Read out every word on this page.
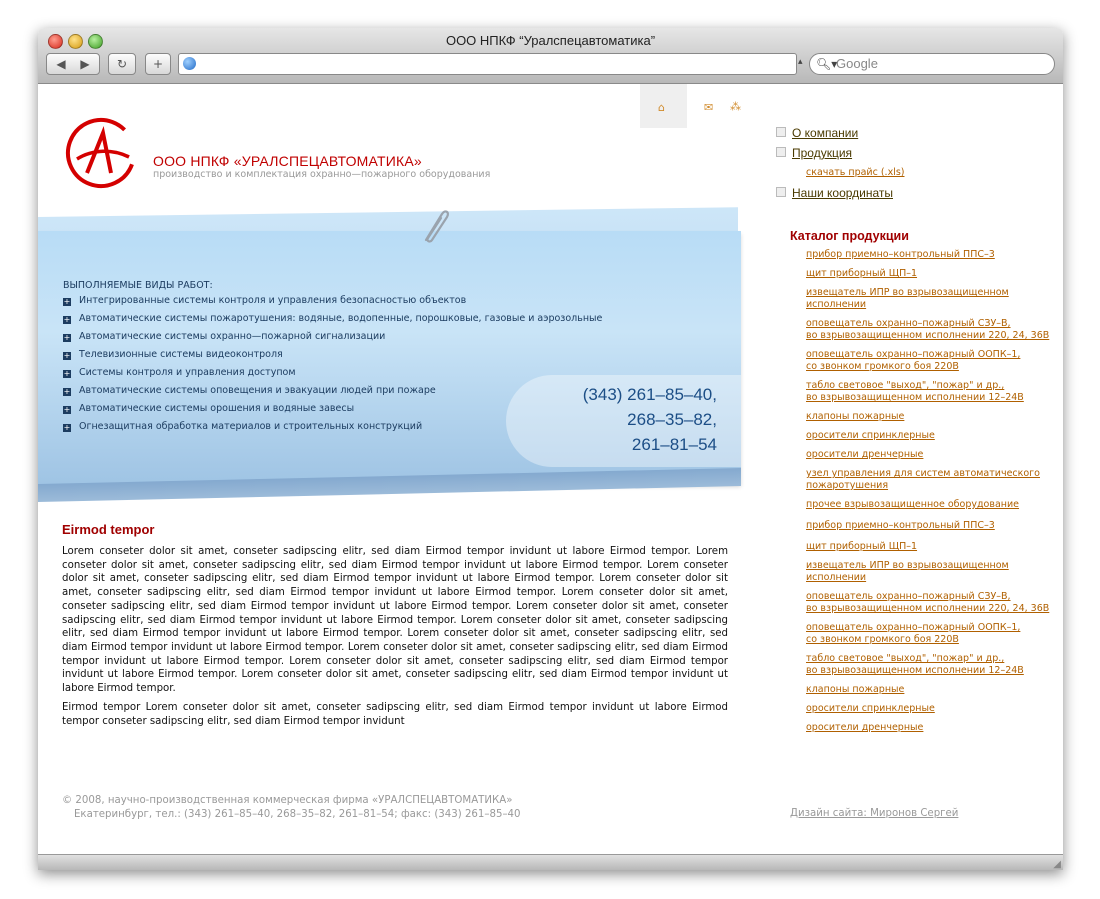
ООО НПКФ “Уралспецавтоматика”
◀ ▶	↻	+	▴ 🔍︎▾
Google
⌂	✉ ⁂
ООО НПКФ «УРАЛСПЕЦАВТОМАТИКА»
производство и комплектация охранно—пожарного оборудования
ВЫПОЛНЯЕМЫЕ ВИДЫ РАБОТ:
+ Интегрированные системы контроля и управления безопасностью объектов
+ Автоматические системы пожаротушения: водяные, водопенные, порошковые, газовые и аэрозольные
+ Автоматические системы охранно—пожарной сигнализации
+ Телевизионные системы видеоконтроля
+ Системы контроля и управления доступом
+ Автоматические системы оповещения и эвакуации людей при пожаре
+ Автоматические системы орошения и водяные завесы
+ Огнезащитная обработка материалов и строительных конструкций
(343) 261–85–40,
268–35–82,
261–81–54
Eirmod tempor

Lorem conseter dolor sit amet, conseter sadipscing elitr, sed diam Eirmod tempor invidunt ut labore Eirmod tempor. Lorem conseter dolor sit amet, conseter sadipscing elitr, sed diam Eirmod tempor invidunt ut labore Eirmod tempor. Lorem conseter dolor sit amet, conseter sadipscing elitr, sed diam Eirmod tempor invidunt ut labore Eirmod tempor. Lorem conseter dolor sit amet, conseter sadipscing elitr, sed diam Eirmod tempor invidunt ut labore Eirmod tempor. Lorem conseter dolor sit amet, conseter sadipscing elitr, sed diam Eirmod tempor invidunt ut labore Eirmod tempor. Lorem conseter dolor sit amet, conseter sadipscing elitr, sed diam Eirmod tempor invidunt ut labore Eirmod tempor. Lorem conseter dolor sit amet, conseter sadipscing elitr, sed diam Eirmod tempor invidunt ut labore Eirmod tempor. Lorem conseter dolor sit amet, conseter sadipscing elitr, sed diam Eirmod tempor invidunt ut labore Eirmod tempor. Lorem conseter dolor sit amet, conseter sadipscing elitr, sed diam Eirmod tempor invidunt ut labore Eirmod tempor. Lorem conseter dolor sit amet, conseter sadipscing elitr, sed diam Eirmod tempor invidunt ut labore Eirmod tempor. Lorem conseter dolor sit amet, conseter sadipscing elitr, sed diam Eirmod tempor invidunt ut labore Eirmod tempor.

Eirmod tempor Lorem conseter dolor sit amet, conseter sadipscing elitr, sed diam Eirmod tempor invidunt ut labore Eirmod tempor conseter sadipscing elitr, sed diam Eirmod tempor invidunt

© 2008, научно-производственная коммерческая фирма «УРАЛСПЕЦАВТОМАТИКА»
Екатеринбург, тел.: (343) 261–85–40, 268–35–82, 261–81–54; факс: (343) 261–85–40	Дизайн сайта: Миронов Сергей
О компании
Продукция
скачать прайс (.xls)
Наши координаты
Каталог продукции
прибор приемно–контрольный ППС–3
щит приборный ЩП–1
извещатель ИПР во взрывозащищенном
исполнении
оповещатель охранно–пожарный СЗУ–В,
во взрывозащищенном исполнении 220, 24, 36В
оповещатель охранно–пожарный ООПК–1,
со звонком громкого боя 220В
табло световое "выход", "пожар" и др.,
во взрывозащищенном исполнении 12–24В
клапоны пожарные
оросители спринклерные
оросители дренчерные
узел управления для систем автоматического
пожаротушения
прочее взрывозащищенное оборудование
прибор приемно–контрольный ППС–3
щит приборный ЩП–1
извещатель ИПР во взрывозащищенном
исполнении
оповещатель охранно–пожарный СЗУ–В,
во взрывозащищенном исполнении 220, 24, 36В
оповещатель охранно–пожарный ООПК–1,
со звонком громкого боя 220В
табло световое "выход", "пожар" и др.,
во взрывозащищенном исполнении 12–24В
клапоны пожарные
оросители спринклерные
оросители дренчерные
◢
